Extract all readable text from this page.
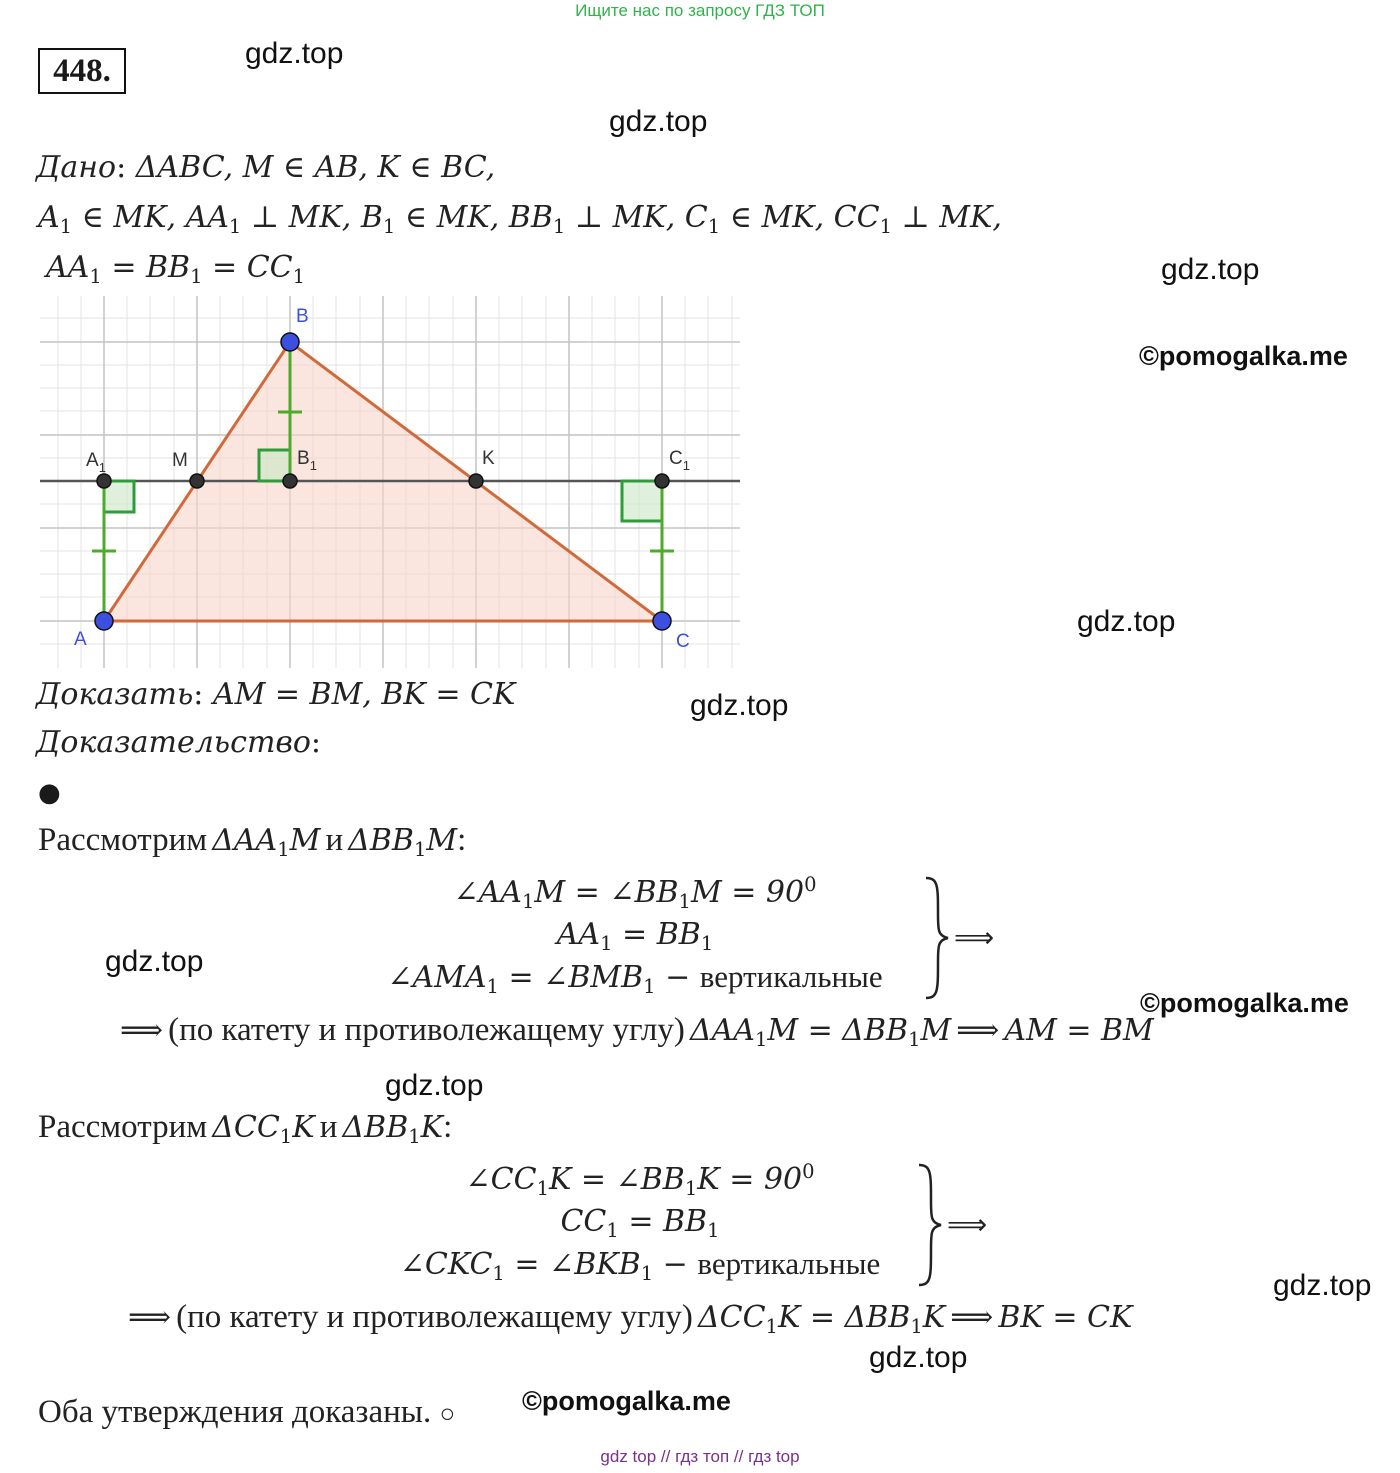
Ищите нас по запросу ГДЗ ТОП
448.	gdz.top
gdz.top
gdz.top
©pomogalka.me
gdz.top
gdz.top
gdz.top
©pomogalka.me
gdz.top
gdz.top
gdz.top
©pomogalka.me
Дано: ΔABC, M ∈ AB, K ∈ BC,
$A_1$ ∈ MK, $AA_1$ ⊥ MK, $B_1$ ∈ MK, $BB_1$ ⊥ MK, $C_1$ ∈ MK, $CC_1$ ⊥ MK,
$AA_1 = BB_1 = CC_1$
B
A	C
M	K
$A_1$	$B_1$	$C_1$
Доказать: AM = BM, BK = CK
Доказательство:
●
Рассмотрим $\Delta AA_1M$ и $\Delta BB_1M$:
$\angle AA_1M$ = $\angle BB_1M = 90^0$
$AA_1 = BB_1$
$\angle AMA_1$ = $\angle BMB_1$ − вертикальные
⟹
⟹ (по катету и противолежащему углу) $\Delta AA_1M = \Delta BB_1M$ ⟹ AM = BM
Рассмотрим $\Delta CC_1K$ и $\Delta BB_1K$:
$\angle CC_1K$ = $\angle BB_1K = 90^0$
$CC_1 = BB_1$
$\angle CKC_1$ = $\angle BKB_1$ − вертикальные
⟹
⟹ (по катету и противолежащему углу) $\Delta CC_1K = \Delta BB_1K$ ⟹ BK = CK
Оба утверждения доказаны. ○
gdz top // гдз топ // гдз top
